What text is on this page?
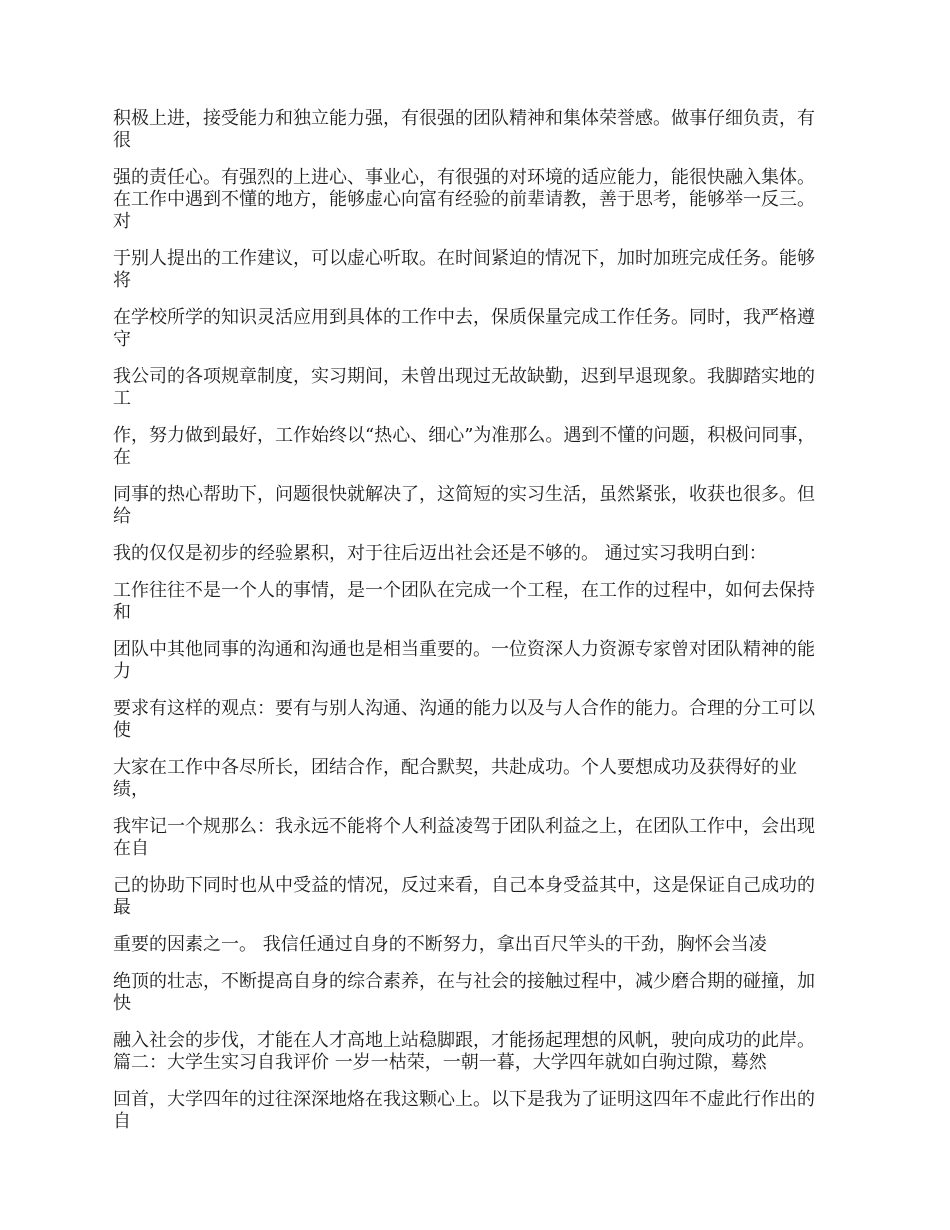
积极上进，接受能力和独立能力强，有很强的团队精神和集体荣誉感。做事仔细负责，有
很

强的责任心。有强烈的上进心、事业心，有很强的对环境的适应能力，能很快融入集体。

在工作中遇到不懂的地方，能够虚心向富有经验的前辈请教，善于思考，能够举一反三。
对

于别人提出的工作建议，可以虚心听取。在时间紧迫的情况下，加时加班完成任务。能够
将

在学校所学的知识灵活应用到具体的工作中去，保质保量完成工作任务。同时，我严格遵
守

我公司的各项规章制度，实习期间，未曾出现过无故缺勤，迟到早退现象。我脚踏实地的
工

作，努力做到最好，工作始终以“热心、细心”为准那么。遇到不懂的问题，积极问同事，
在

同事的热心帮助下，问题很快就解决了，这简短的实习生活，虽然紧张，收获也很多。但
给

我的仅仅是初步的经验累积，对于往后迈出社会还是不够的。 通过实习我明白到：

工作往往不是一个人的事情，是一个团队在完成一个工程，在工作的过程中，如何去保持
和

团队中其他同事的沟通和沟通也是相当重要的。一位资深人力资源专家曾对团队精神的能
力

要求有这样的观点：要有与别人沟通、沟通的能力以及与人合作的能力。合理的分工可以
使

大家在工作中各尽所长，团结合作，配合默契，共赴成功。个人要想成功及获得好的业
绩，

我牢记一个规那么：我永远不能将个人利益凌驾于团队利益之上，在团队工作中，会出现
在自

己的协助下同时也从中受益的情况，反过来看，自己本身受益其中，这是保证自己成功的
最

重要的因素之一。 我信任通过自身的不断努力，拿出百尺竿头的干劲，胸怀会当凌

绝顶的壮志，不断提高自身的综合素养，在与社会的接触过程中，减少磨合期的碰撞，加
快

融入社会的步伐，才能在人才高地上站稳脚跟，才能扬起理想的风帆，驶向成功的此岸。

篇二：大学生实习自我评价 一岁一枯荣，一朝一暮，大学四年就如白驹过隙，蓦然

回首，大学四年的过往深深地烙在我这颗心上。以下是我为了证明这四年不虚此行作出的
自
